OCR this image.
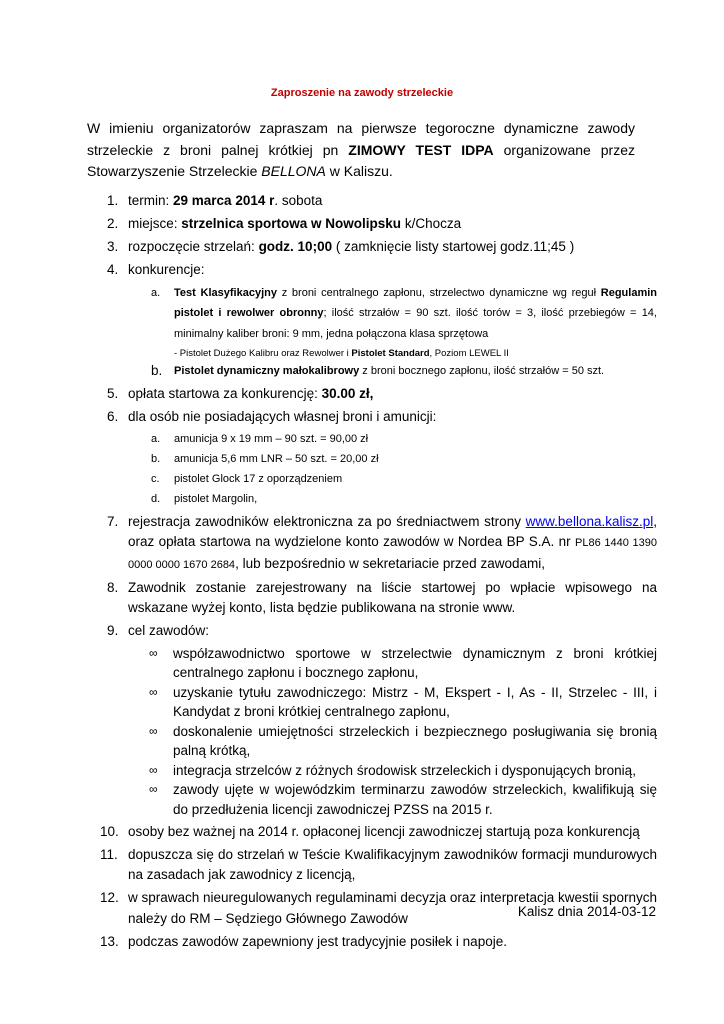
Zaproszenie na zawody strzeleckie
W imieniu organizatorów zapraszam na pierwsze tegoroczne dynamiczne zawody strzeleckie z broni palnej krótkiej pn ZIMOWY TEST IDPA organizowane przez Stowarzyszenie Strzeleckie BELLONA w Kaliszu.
1. termin: 29 marca 2014 r. sobota
2. miejsce: strzelnica sportowa w Nowolipsku k/Chocza
3. rozpoczęcie strzelań: godz. 10;00 ( zamknięcie listy startowej godz.11;45 )
4. konkurencje:
a. Test Klasyfikacyjny z broni centralnego zapłonu, strzelectwo dynamiczne wg reguł Regulamin pistolet i rewolwer obronny; ilość strzałów = 90 szt. ilość torów = 3, ilość przebiegów = 14, minimalny kaliber broni: 9 mm, jedna połączona klasa sprzętowa
- Pistolet Dużego Kalibru oraz Rewolwer i Pistolet Standard, Poziom LEWEL II
b. Pistolet dynamiczny małokalibrowy z broni bocznego zapłonu, ilość strzałów = 50 szt.
5. opłata startowa za konkurencję: 30.00 zł,
6. dla osób nie posiadających własnej broni i amunicji:
a. amunicja 9 x 19 mm – 90 szt. = 90,00 zł
b. amunicja 5,6 mm LNR – 50 szt. = 20,00 zł
c. pistolet Glock 17 z oporządzeniem
d. pistolet Margolin,
7. rejestracja zawodników elektroniczna za po średniactwem strony www.bellona.kalisz.pl, oraz opłata startowa na wydzielone konto zawodów w Nordea BP S.A. nr PL86 1440 1390 0000 0000 1670 2684, lub bezpośrednio w sekretariacie przed zawodami,
8. Zawodnik zostanie zarejestrowany na liście startowej po wpłacie wpisowego na wskazane wyżej konto, lista będzie publikowana na stronie www.
9. cel zawodów:
∞ współzawodnictwo sportowe w strzelectwie dynamicznym z broni krótkiej centralnego zapłonu i bocznego zapłonu,
∞ uzyskanie tytułu zawodniczego: Mistrz - M, Ekspert - I, As - II, Strzelec - III, i Kandydat z broni krótkiej centralnego zapłonu,
∞ doskonalenie umiejętności strzeleckich i bezpiecznego posługiwania się bronią palną krótką,
∞ integracja strzelców z różnych środowisk strzeleckich i dysponujących bronią,
∞ zawody ujęte w wojewódzkim terminarzu zawodów strzeleckich, kwalifikują się do przedłużenia licencji zawodniczej PZSS na 2015 r.
10. osoby bez ważnej na 2014 r. opłaconej licencji zawodniczej startują poza konkurencją
11. dopuszcza się do strzelań w Teście Kwalifikacyjnym zawodników formacji mundurowych na zasadach jak zawodnicy z licencją,
12. w sprawach nieuregulowanych regulaminami decyzja oraz interpretacja kwestii spornych należy do RM – Sędziego Głównego Zawodów
13. podczas zawodów zapewniony jest tradycyjnie posiłek i napoje.
Kalisz dnia 2014-03-12
